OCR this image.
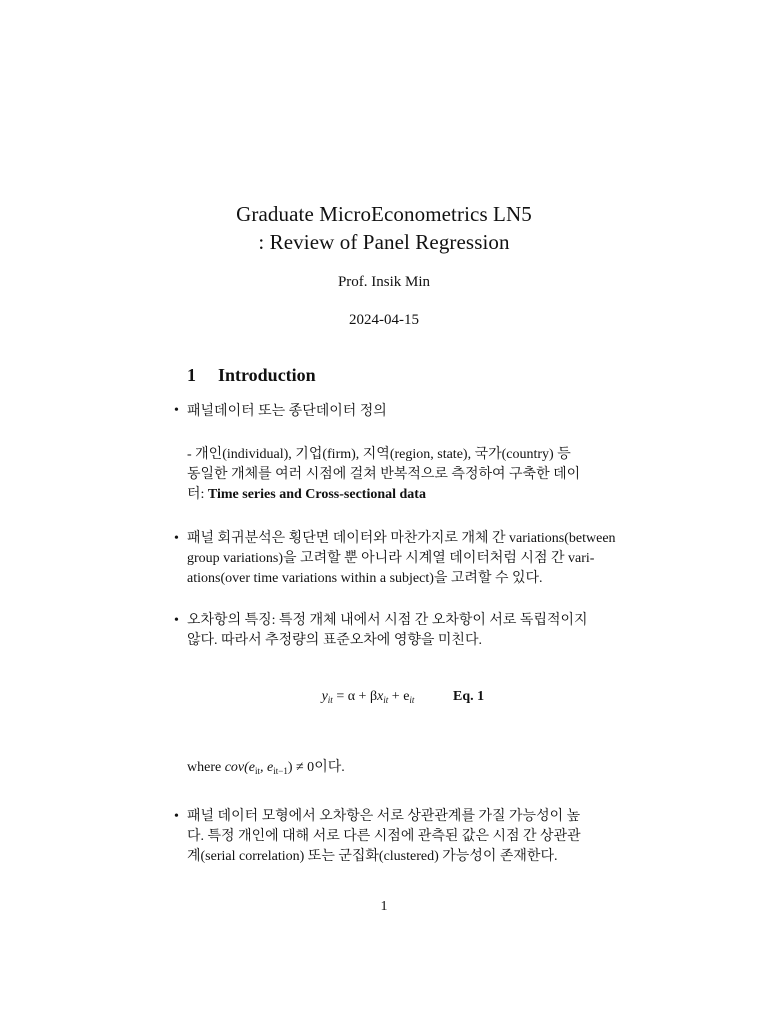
Graduate MicroEconometrics LN5
: Review of Panel Regression
Prof. Insik Min
2024-04-15
1 Introduction
• 패널데이터 또는 종단데이터 정의
- 개인(individual), 기업(firm), 지역(region, state), 국가(country) 등
동일한 개체를 여러 시점에 걸쳐 반복적으로 측정하여 구축한 데이
터: Time series and Cross-sectional data
• 패널 회귀분석은 횡단면 데이터와 마찬가지로 개체 간 variations(between
group variations)을 고려할 뿐 아니라 시계열 데이터처럼 시점 간 vari-
ations(over time variations within a subject)을 고려할 수 있다.
• 오차항의 특징: 특정 개체 내에서 시점 간 오차항이 서로 독립적이지
않다. 따라서 추정량의 표준오차에 영향을 미친다.
$y_{it} = \alpha + \beta x_{it} + e_{it}$	Eq. 1
where $cov(e_{it}$, $e_{it-1}) \ne 0$이다.
• 패널 데이터 모형에서 오차항은 서로 상관관계를 가질 가능성이 높
다. 특정 개인에 대해 서로 다른 시점에 관측된 값은 시점 간 상관관
계(serial correlation) 또는 군집화(clustered) 가능성이 존재한다.
1
